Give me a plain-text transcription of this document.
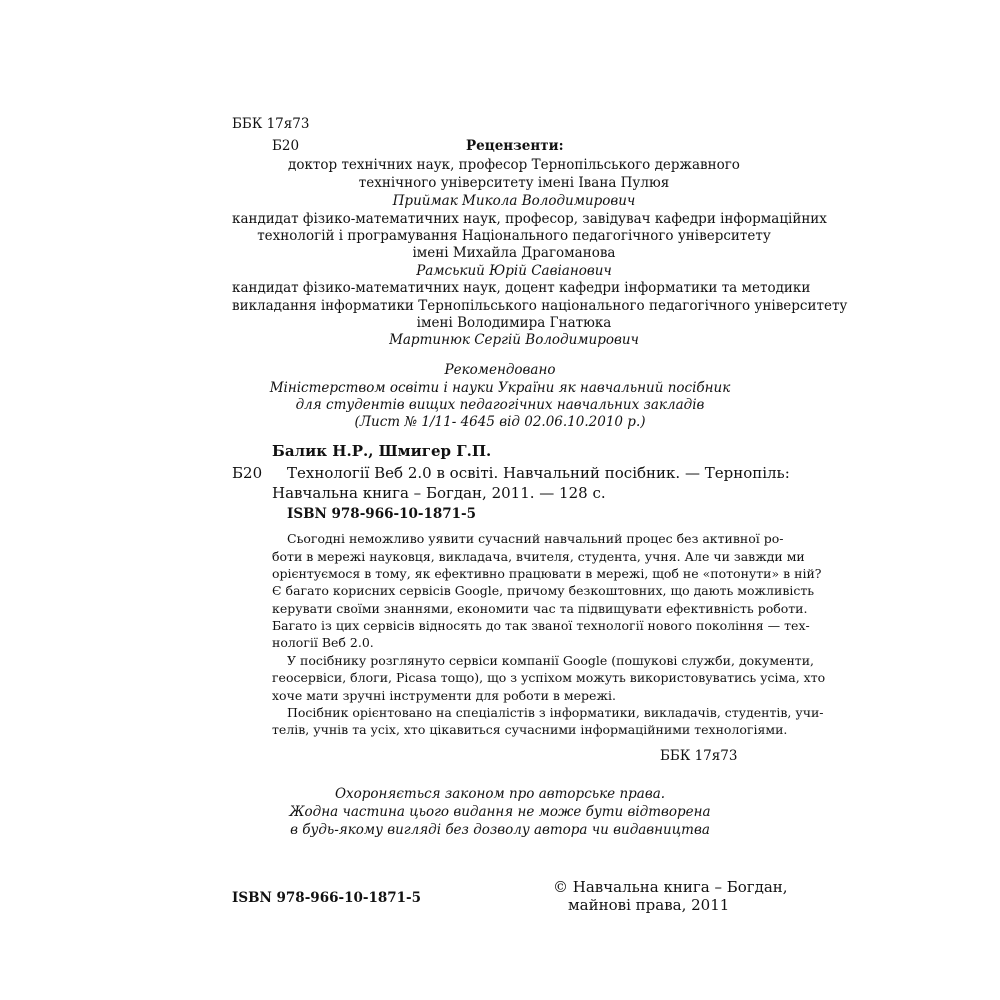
ББК 17я73
Б20	Рецензенти:
доктор технічних наук, професор Тернопільського державного
технічного університету імені Івана Пулюя
Приймак Микола Володимирович
кандидат фізико-математичних наук, професор, завідувач кафедри інформаційних
технологій і програмування Національного педагогічного університету
імені Михайла Драгоманова
Рамський Юрій Савіанович
кандидат фізико-математичних наук, доцент кафедри інформатики та методики
викладання інформатики Тернопільського національного педагогічного університету
імені Володимира Гнатюка
Мартинюк Сергій Володимирович
Рекомендовано
Міністерством освіти і науки України як навчальний посібник
для студентів вищих педагогічних навчальних закладів
(Лист № 1/11- 4645 від 02.06.10.2010 р.)
Балик Н.Р., Шмигер Г.П.
Б20 Технології Веб 2.0 в освіті. Навчальний посібник. — Тернопіль:
Навчальна книга – Богдан, 2011. — 128 с.
ISBN 978-966-10-1871-5
Сьогодні неможливо уявити сучасний навчальний процес без активної ро-
боти в мережі науковця, викладача, вчителя, студента, учня. Але чи завжди ми
орієнтуємося в тому, як ефективно працювати в мережі, щоб не «потонути» в ній?
Є багато корисних сервісів Google, причому безкоштовних, що дають можливість
керувати своїми знаннями, економити час та підвищувати ефективність роботи.
Багато із цих сервісів відносять до так званої технології нового покоління — тех-
нології Веб 2.0.
У посібнику розглянуто сервіси компанії Google (пошукові служби, документи,
геосервіси, блоги, Picasa тощо), що з успіхом можуть використовуватись усіма, хто
хоче мати зручні інструменти для роботи в мережі.
Посібник орієнтовано на спеціалістів з інформатики, викладачів, студентів, учи-
телів, учнів та усіх, хто цікавиться сучасними інформаційними технологіями.
ББК 17я73
Охороняється законом про авторське права.
Жодна частина цього видання не може бути відтворена
в будь-якому вигляді без дозволу автора чи видавництва
ISBN 978-966-10-1871-5
© Навчальна книга – Богдан,
майнові права, 2011
